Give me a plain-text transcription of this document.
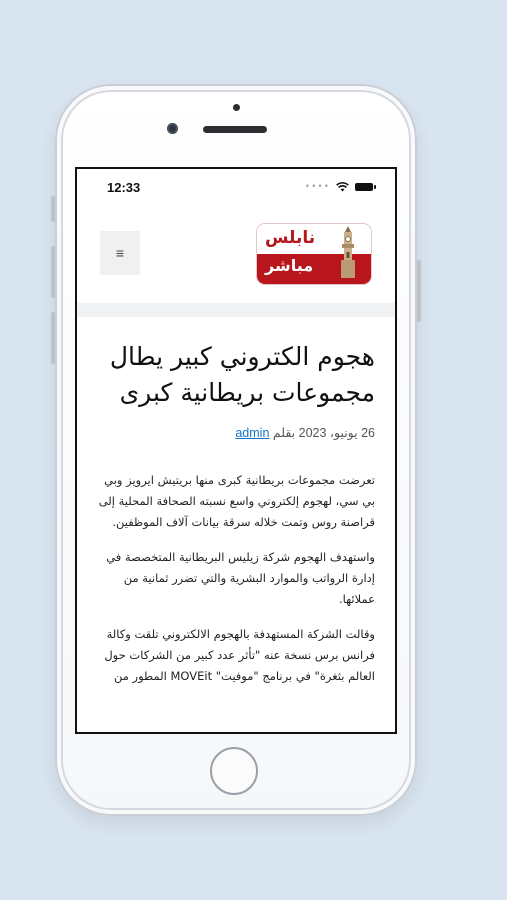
12:33	••••
≡
نابلس
مباشر
هجوم الكتروني كبير يطال مجموعات بريطانية كبرى
26 يونيو، 2023 بقلم admin

تعرضت مجموعات بريطانية كبرى منها بريتيش ايرويز وبي بي سي، لهجوم إلكتروني واسع نسبته الصحافة المحلية إلى قراصنة روس وتمت خلاله سرقة بيانات آلاف الموظفين.

واستهدف الهجوم شركة زيليس البريطانية المتخصصة في إدارة الرواتب والموارد البشرية والتي تضرر ثمانية من عملائها.

وقالت الشركة المستهدفة بالهجوم الالكتروني تلقت وكالة فرانس برس نسخة عنه "تأثر عدد كبير من الشركات حول العالم بثغرة" في برنامج "موفيت" MOVEit المطور من
